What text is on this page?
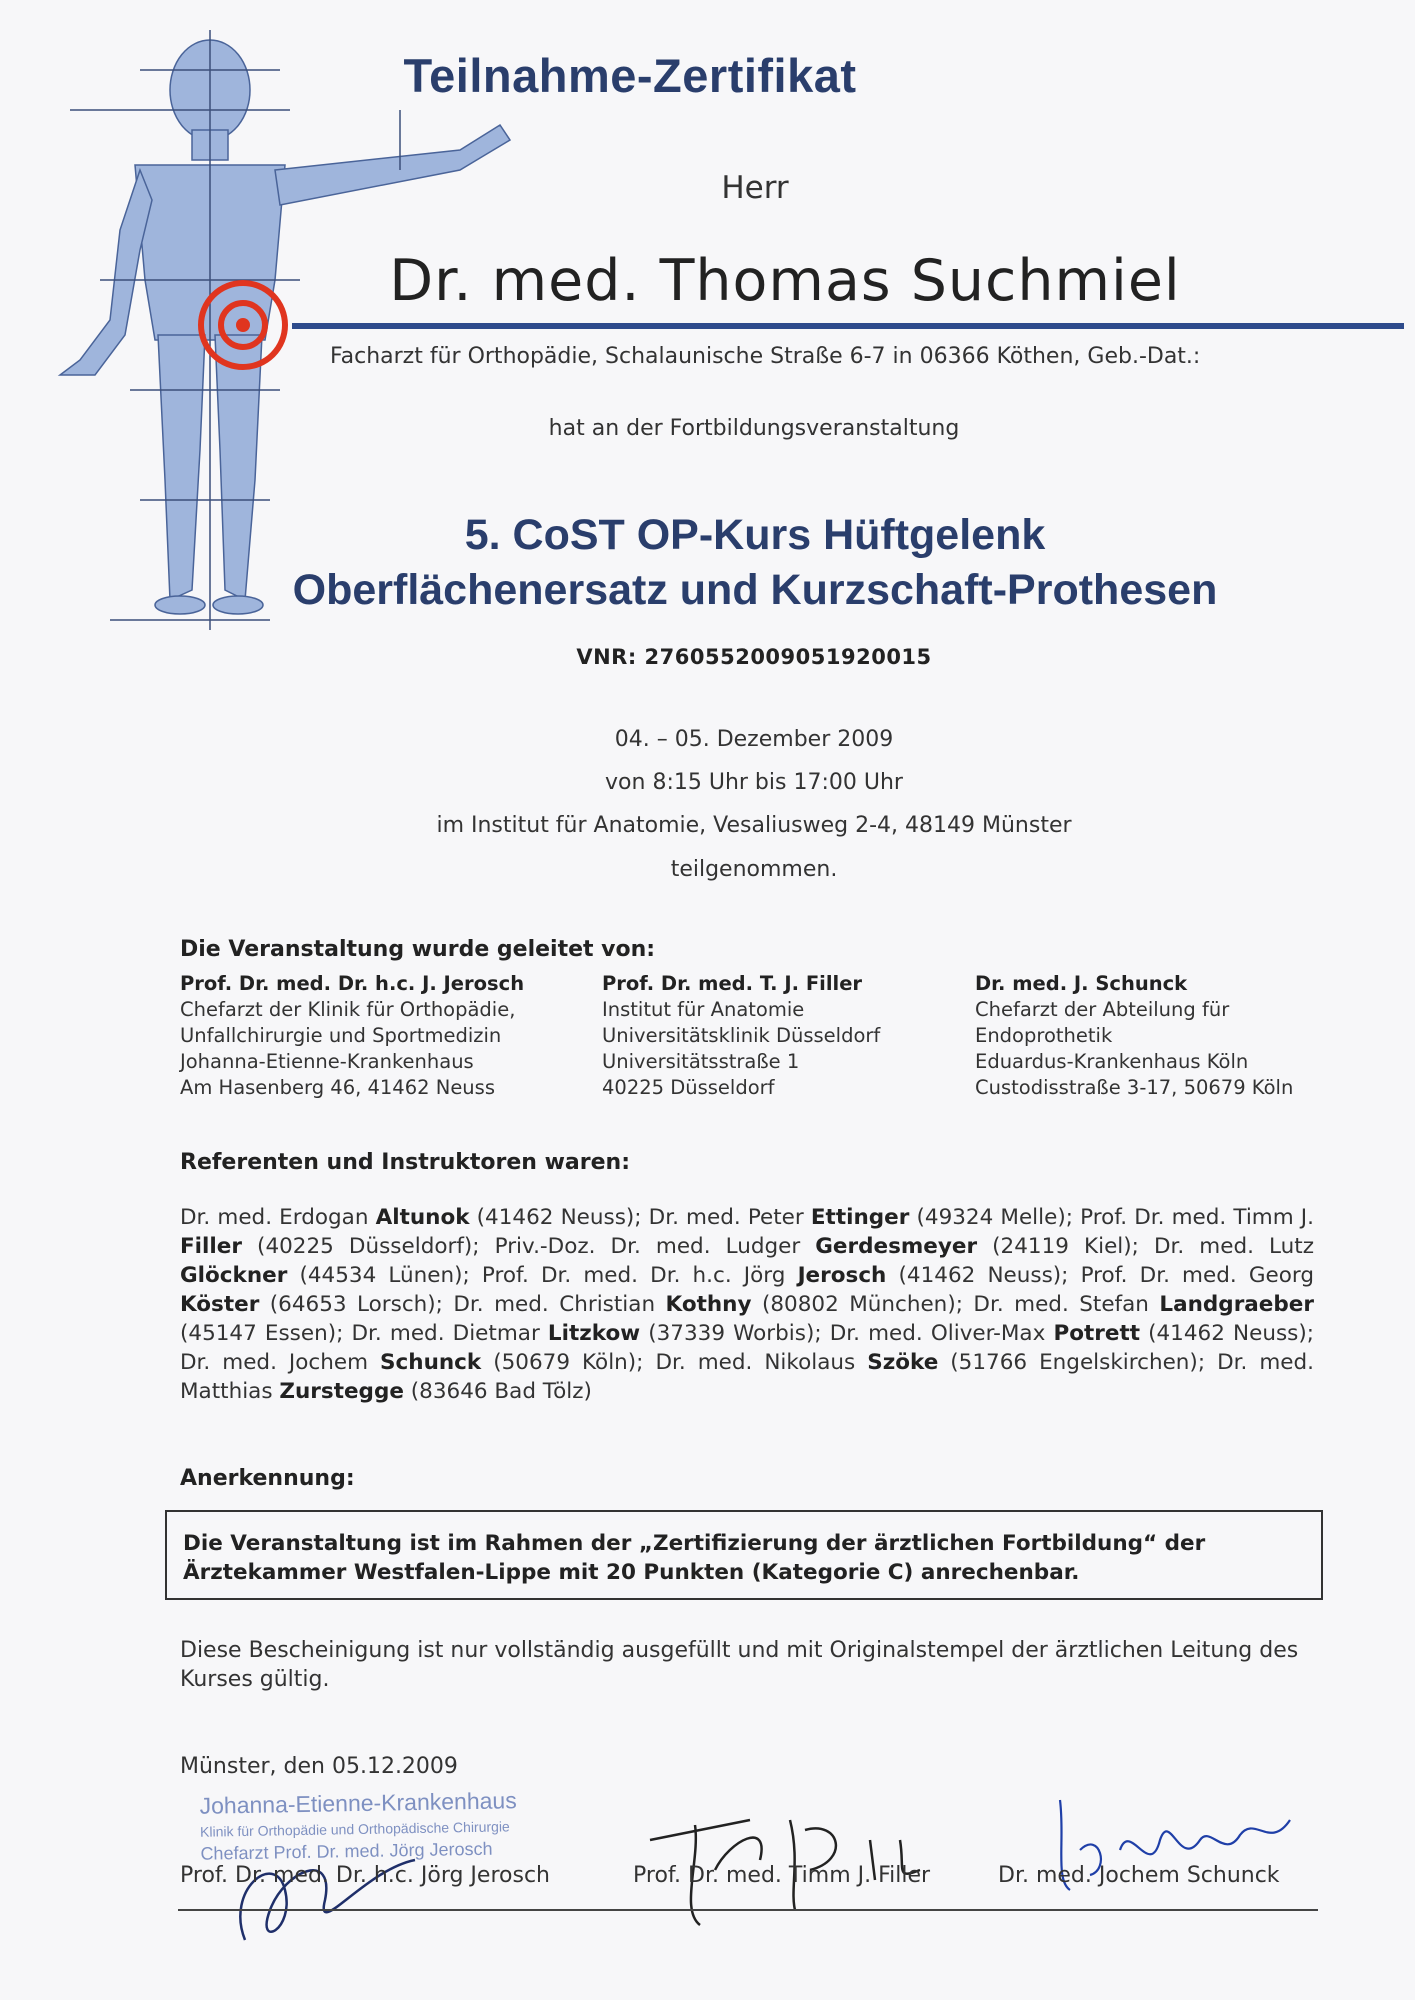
Teilnahme-Zertifikat
Herr
Dr. med. Thomas Suchmiel
Facharzt für Orthopädie, Schalaunische Straße 6-7 in 06366 Köthen, Geb.-Dat.:
hat an der Fortbildungsveranstaltung
5. CoST OP-Kurs Hüftgelenk
Oberflächenersatz und Kurzschaft-Prothesen
VNR: 2760552009051920015
04. – 05. Dezember 2009
von 8:15 Uhr bis 17:00 Uhr
im Institut für Anatomie, Vesaliusweg 2-4, 48149 Münster
teilgenommen.
Die Veranstaltung wurde geleitet von:
Prof. Dr. med. Dr. h.c. J. Jerosch
Chefarzt der Klinik für Orthopädie,
Unfallchirurgie und Sportmedizin
Johanna-Etienne-Krankenhaus
Am Hasenberg 46, 41462 Neuss
Prof. Dr. med. T. J. Filler
Institut für Anatomie
Universitätsklinik Düsseldorf
Universitätsstraße 1
40225 Düsseldorf
Dr. med. J. Schunck
Chefarzt der Abteilung für
Endoprothetik
Eduardus-Krankenhaus Köln
Custodisstraße 3-17, 50679 Köln
Referenten und Instruktoren waren:
Dr. med. Erdogan Altunok (41462 Neuss); Dr. med. Peter Ettinger (49324 Melle); Prof. Dr. med. Timm J. Filler (40225 Düsseldorf); Priv.-Doz. Dr. med. Ludger Gerdesmeyer (24119 Kiel); Dr. med. Lutz Glöckner (44534 Lünen); Prof. Dr. med. Dr. h.c. Jörg Jerosch (41462 Neuss); Prof. Dr. med. Georg Köster (64653 Lorsch); Dr. med. Christian Kothny (80802 München); Dr. med. Stefan Landgraeber (45147 Essen); Dr. med. Dietmar Litzkow (37339 Worbis); Dr. med. Oliver-Max Potrett (41462 Neuss); Dr. med. Jochem Schunck (50679 Köln); Dr. med. Nikolaus Szöke (51766 Engelskirchen); Dr. med. Matthias Zurstegge (83646 Bad Tölz)
Anerkennung:
Die Veranstaltung ist im Rahmen der „Zertifizierung der ärztlichen Fortbildung“ der Ärztekammer Westfalen-Lippe mit 20 Punkten (Kategorie C) anrechenbar.
Diese Bescheinigung ist nur vollständig ausgefüllt und mit Originalstempel der ärztlichen Leitung des Kurses gültig.
Münster, den 05.12.2009
Johanna-Etienne-Krankenhaus
Klinik für Orthopädie und Orthopädische Chirurgie
Chefarzt Prof. Dr. med. Jörg Jerosch
Prof. Dr. med. Dr. h.c. Jörg Jerosch	Prof. Dr. med. Timm J. Filler	Dr. med. Jochem Schunck
